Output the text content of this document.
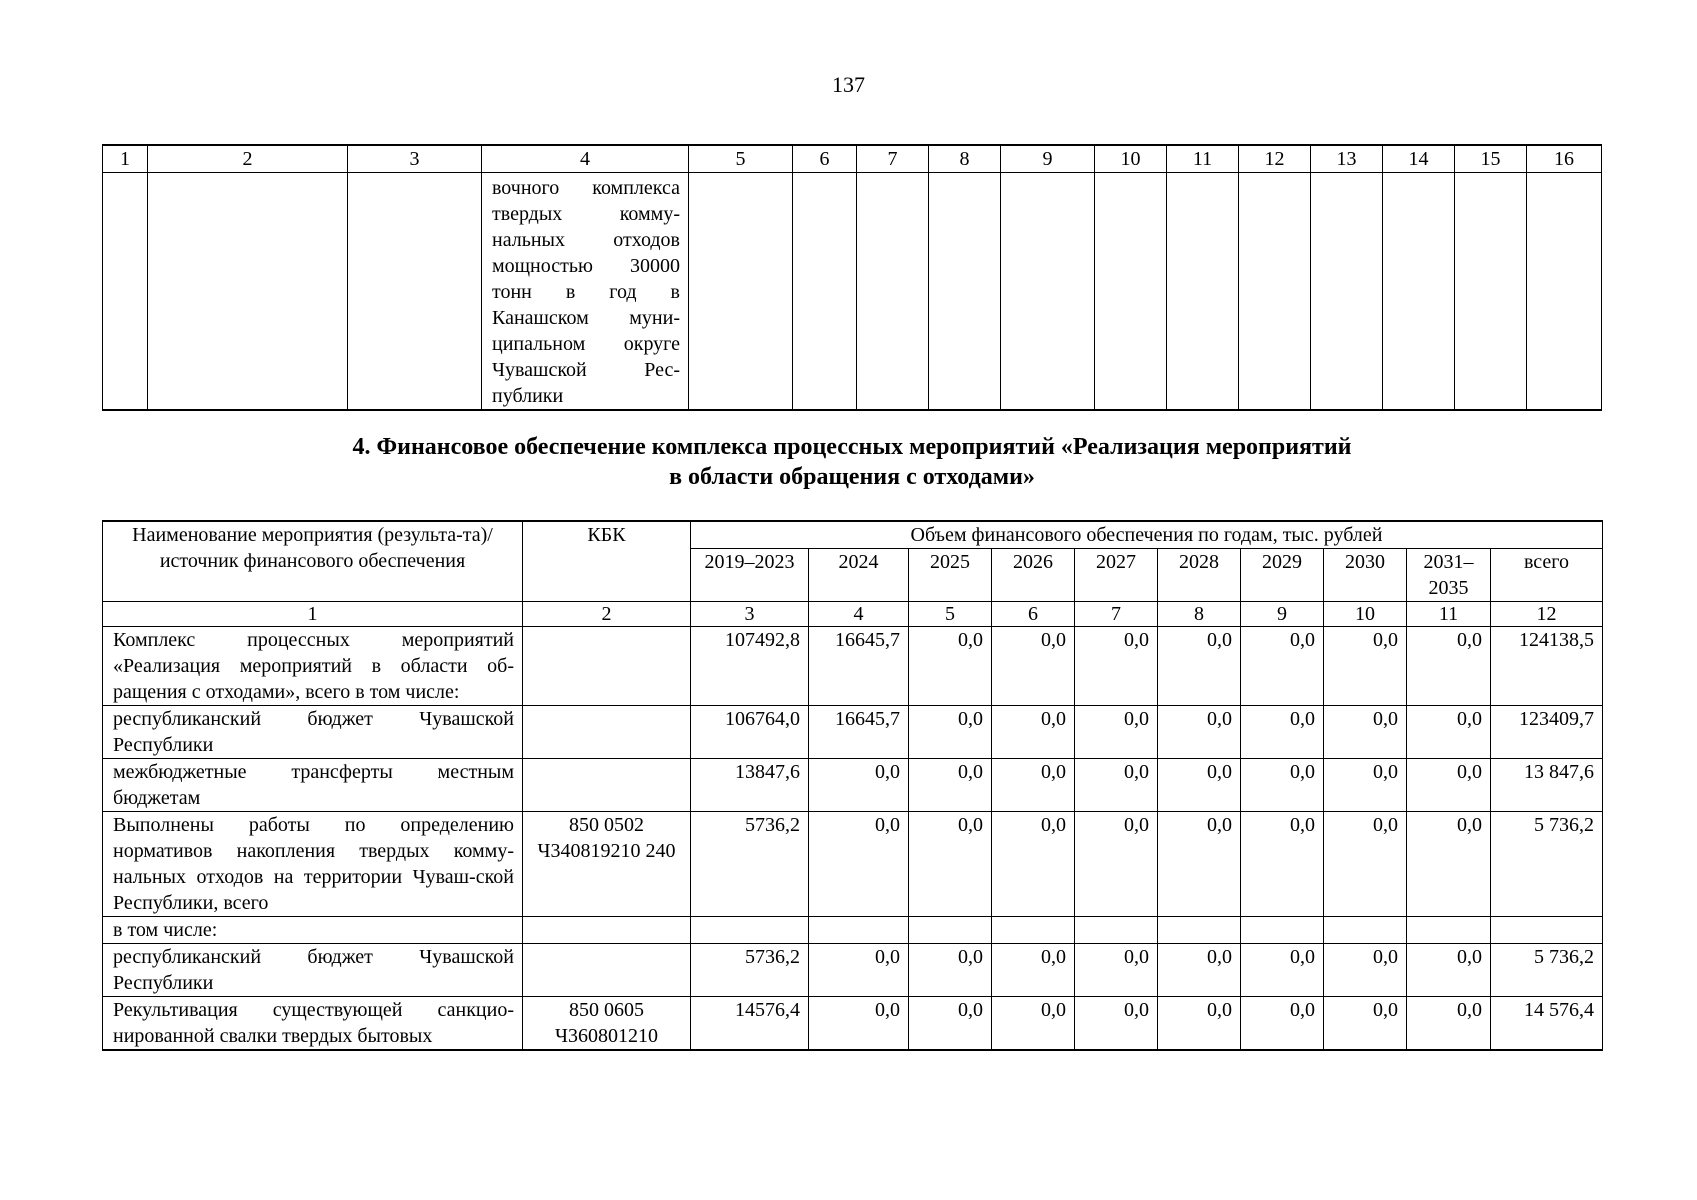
137
1	2	3	4	5	6	7	8	9	10	11	12	13	14	15	16
			вочного комплекса твердых комму-нальных отходов мощностью 30000 тонн в год в Канашском муни-ципальном округе Чувашской Рес-публики												
4. Финансовое обеспечение комплекса процессных мероприятий «Реализация мероприятий
в области обращения с отходами»
Наименование мероприятия (результа-та)/источник финансового обеспечения	КБК	Объем финансового обеспечения по годам, тыс. рублей									
		2019–2023	2024	2025	2026	2027	2028	2029	2030	2031–2035	всего
1	2	3	4	5	6	7	8	9	10	11	12
Комплекс процессных мероприятий «Реализация мероприятий в области об-ращения с отходами», всего в том числе:		107492,8	16645,7	0,0	0,0	0,0	0,0	0,0	0,0	0,0	124138,5
республиканский бюджет Чувашской Республики		106764,0	16645,7	0,0	0,0	0,0	0,0	0,0	0,0	0,0	123409,7
межбюджетные трансферты местным бюджетам		13847,6	0,0	0,0	0,0	0,0	0,0	0,0	0,0	0,0	13 847,6
Выполнены работы по определению нормативов накопления твердых комму-нальных отходов на территории Чуваш-ской Республики, всего	850 0502 Ч340819210 240	5736,2	0,0	0,0	0,0	0,0	0,0	0,0	0,0	0,0	5 736,2
в том числе:											
республиканский бюджет Чувашской Республики		5736,2	0,0	0,0	0,0	0,0	0,0	0,0	0,0	0,0	5 736,2
Рекультивация существующей санкцио-нированной свалки твердых бытовых	850 0605 Ч360801210	14576,4	0,0	0,0	0,0	0,0	0,0	0,0	0,0	0,0	14 576,4
